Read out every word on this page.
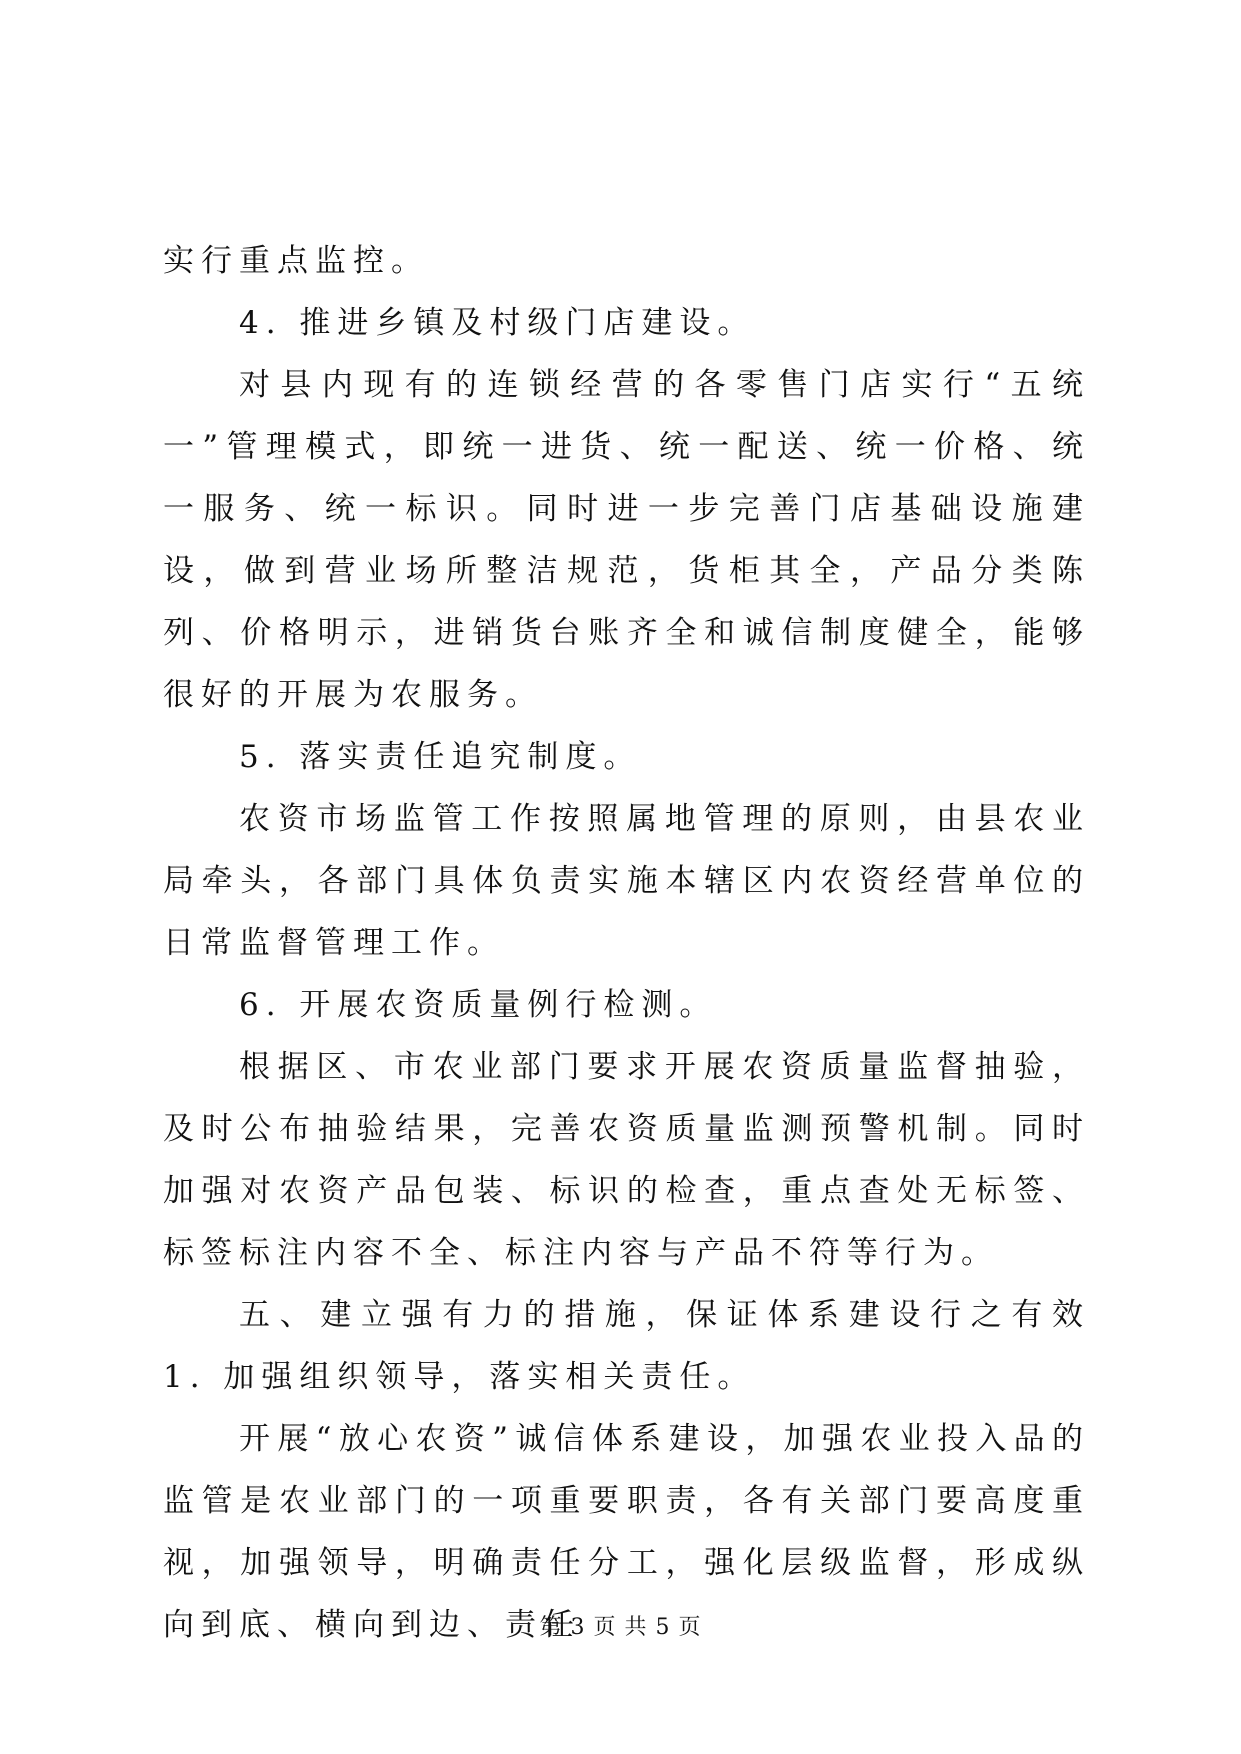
实行重点监控。

4. 推进乡镇及村级门店建设。

对县内现有的连锁经营的各零售门店实行“五统一”管理模式，即统一进货、统一配送、统一价格、统一服务、统一标识。同时进一步完善门店基础设施建设，做到营业场所整洁规范，货柜其全，产品分类陈列、价格明示，进销货台账齐全和诚信制度健全，能够很好的开展为农服务。

5. 落实责任追究制度。

农资市场监管工作按照属地管理的原则，由县农业局牵头，各部门具体负责实施本辖区内农资经营单位的日常监督管理工作。

6. 开展农资质量例行检测。

根据区、市农业部门要求开展农资质量监督抽验，及时公布抽验结果，完善农资质量监测预警机制。同时加强对农资产品包装、标识的检查，重点查处无标签、标签标注内容不全、标注内容与产品不符等行为。

五、建立强有力的措施，保证体系建设行之有效 1. 加强组织领导，落实相关责任。

开展“放心农资”诚信体系建设，加强农业投入品的监管是农业部门的一项重要职责，各有关部门要高度重视，加强领导，明确责任分工，强化层级监督，形成纵向到底、横向到边、责任

第 3 页 共 5 页
